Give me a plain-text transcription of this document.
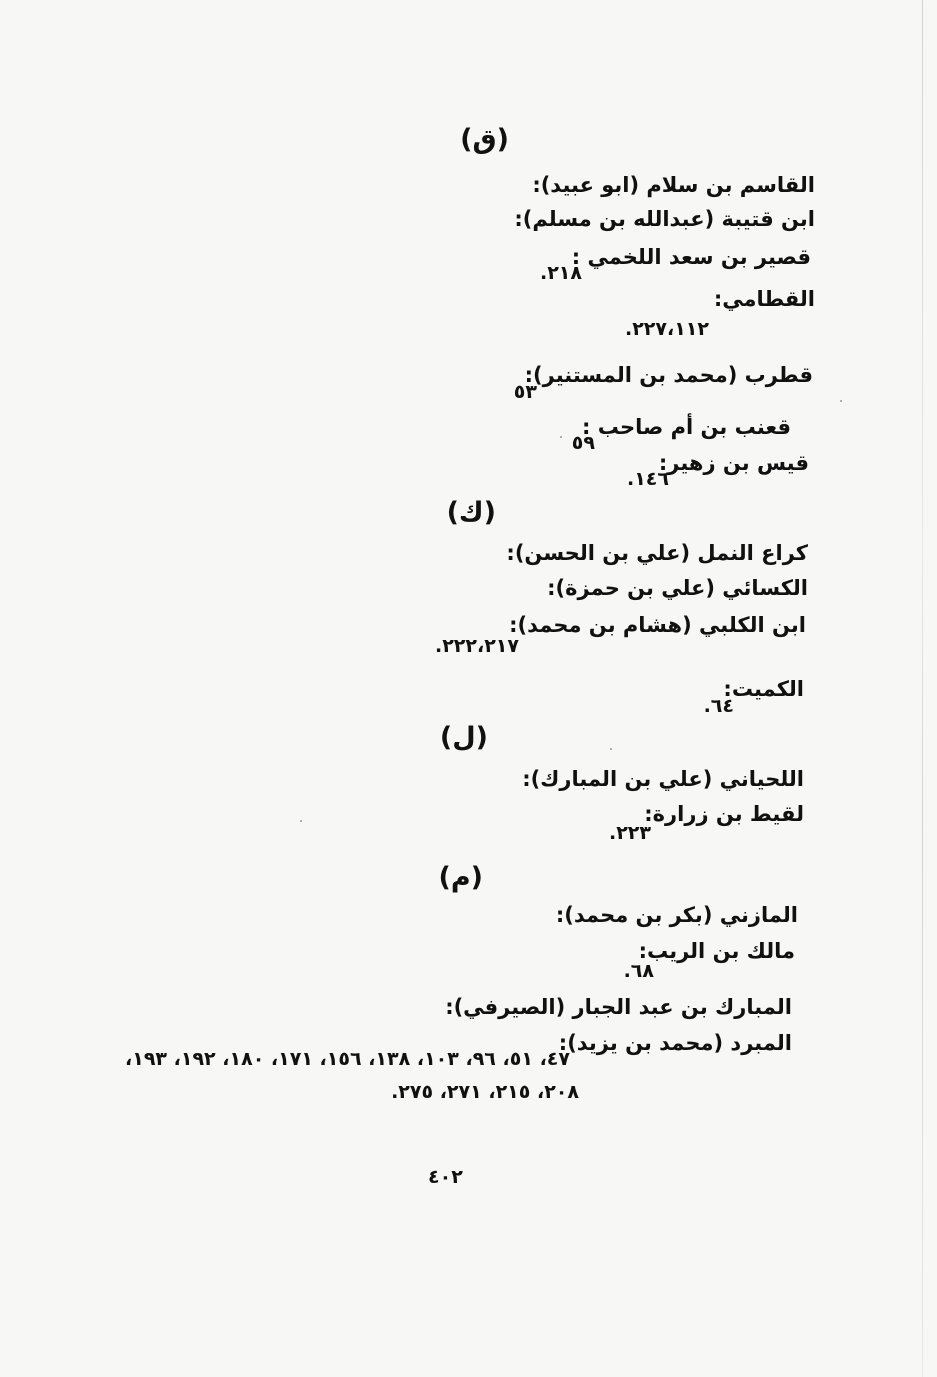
(ق)
القاسم بن سلام (ابو عبيد):
ابن قتيبة (عبدالله بن مسلم):
قصير بن سعد اللخمي :
٢١٨.
القطامي:
٢٢٧،١١٢.
قطرب (محمد بن المستنير):
٥٣
قعنب بن أم صاحب :
٥٩
قيس بن زهير:
١٤٦.
(ك)
كراع النمل (علي بن الحسن):
الكسائي (علي بن حمزة):
ابن الكلبي (هشام بن محمد):
٢٢٢،٢١٧.
الكميت:
٦٤.
(ل)
اللحياني (علي بن المبارك):
لقيط بن زرارة:
٢٢٣.
(م)
المازني (بكر بن محمد):
مالك بن الريب:
٦٨.
المبارك بن عبد الجبار (الصيرفي):
المبرد (محمد بن يزيد):
٤٧، ٥١، ٩٦، ١٠٣، ١٣٨، ١٥٦، ١٧١، ١٨٠، ١٩٢، ١٩٣،
٢٠٨، ٢١٥، ٢٧١، ٢٧٥.
٤٠٢
